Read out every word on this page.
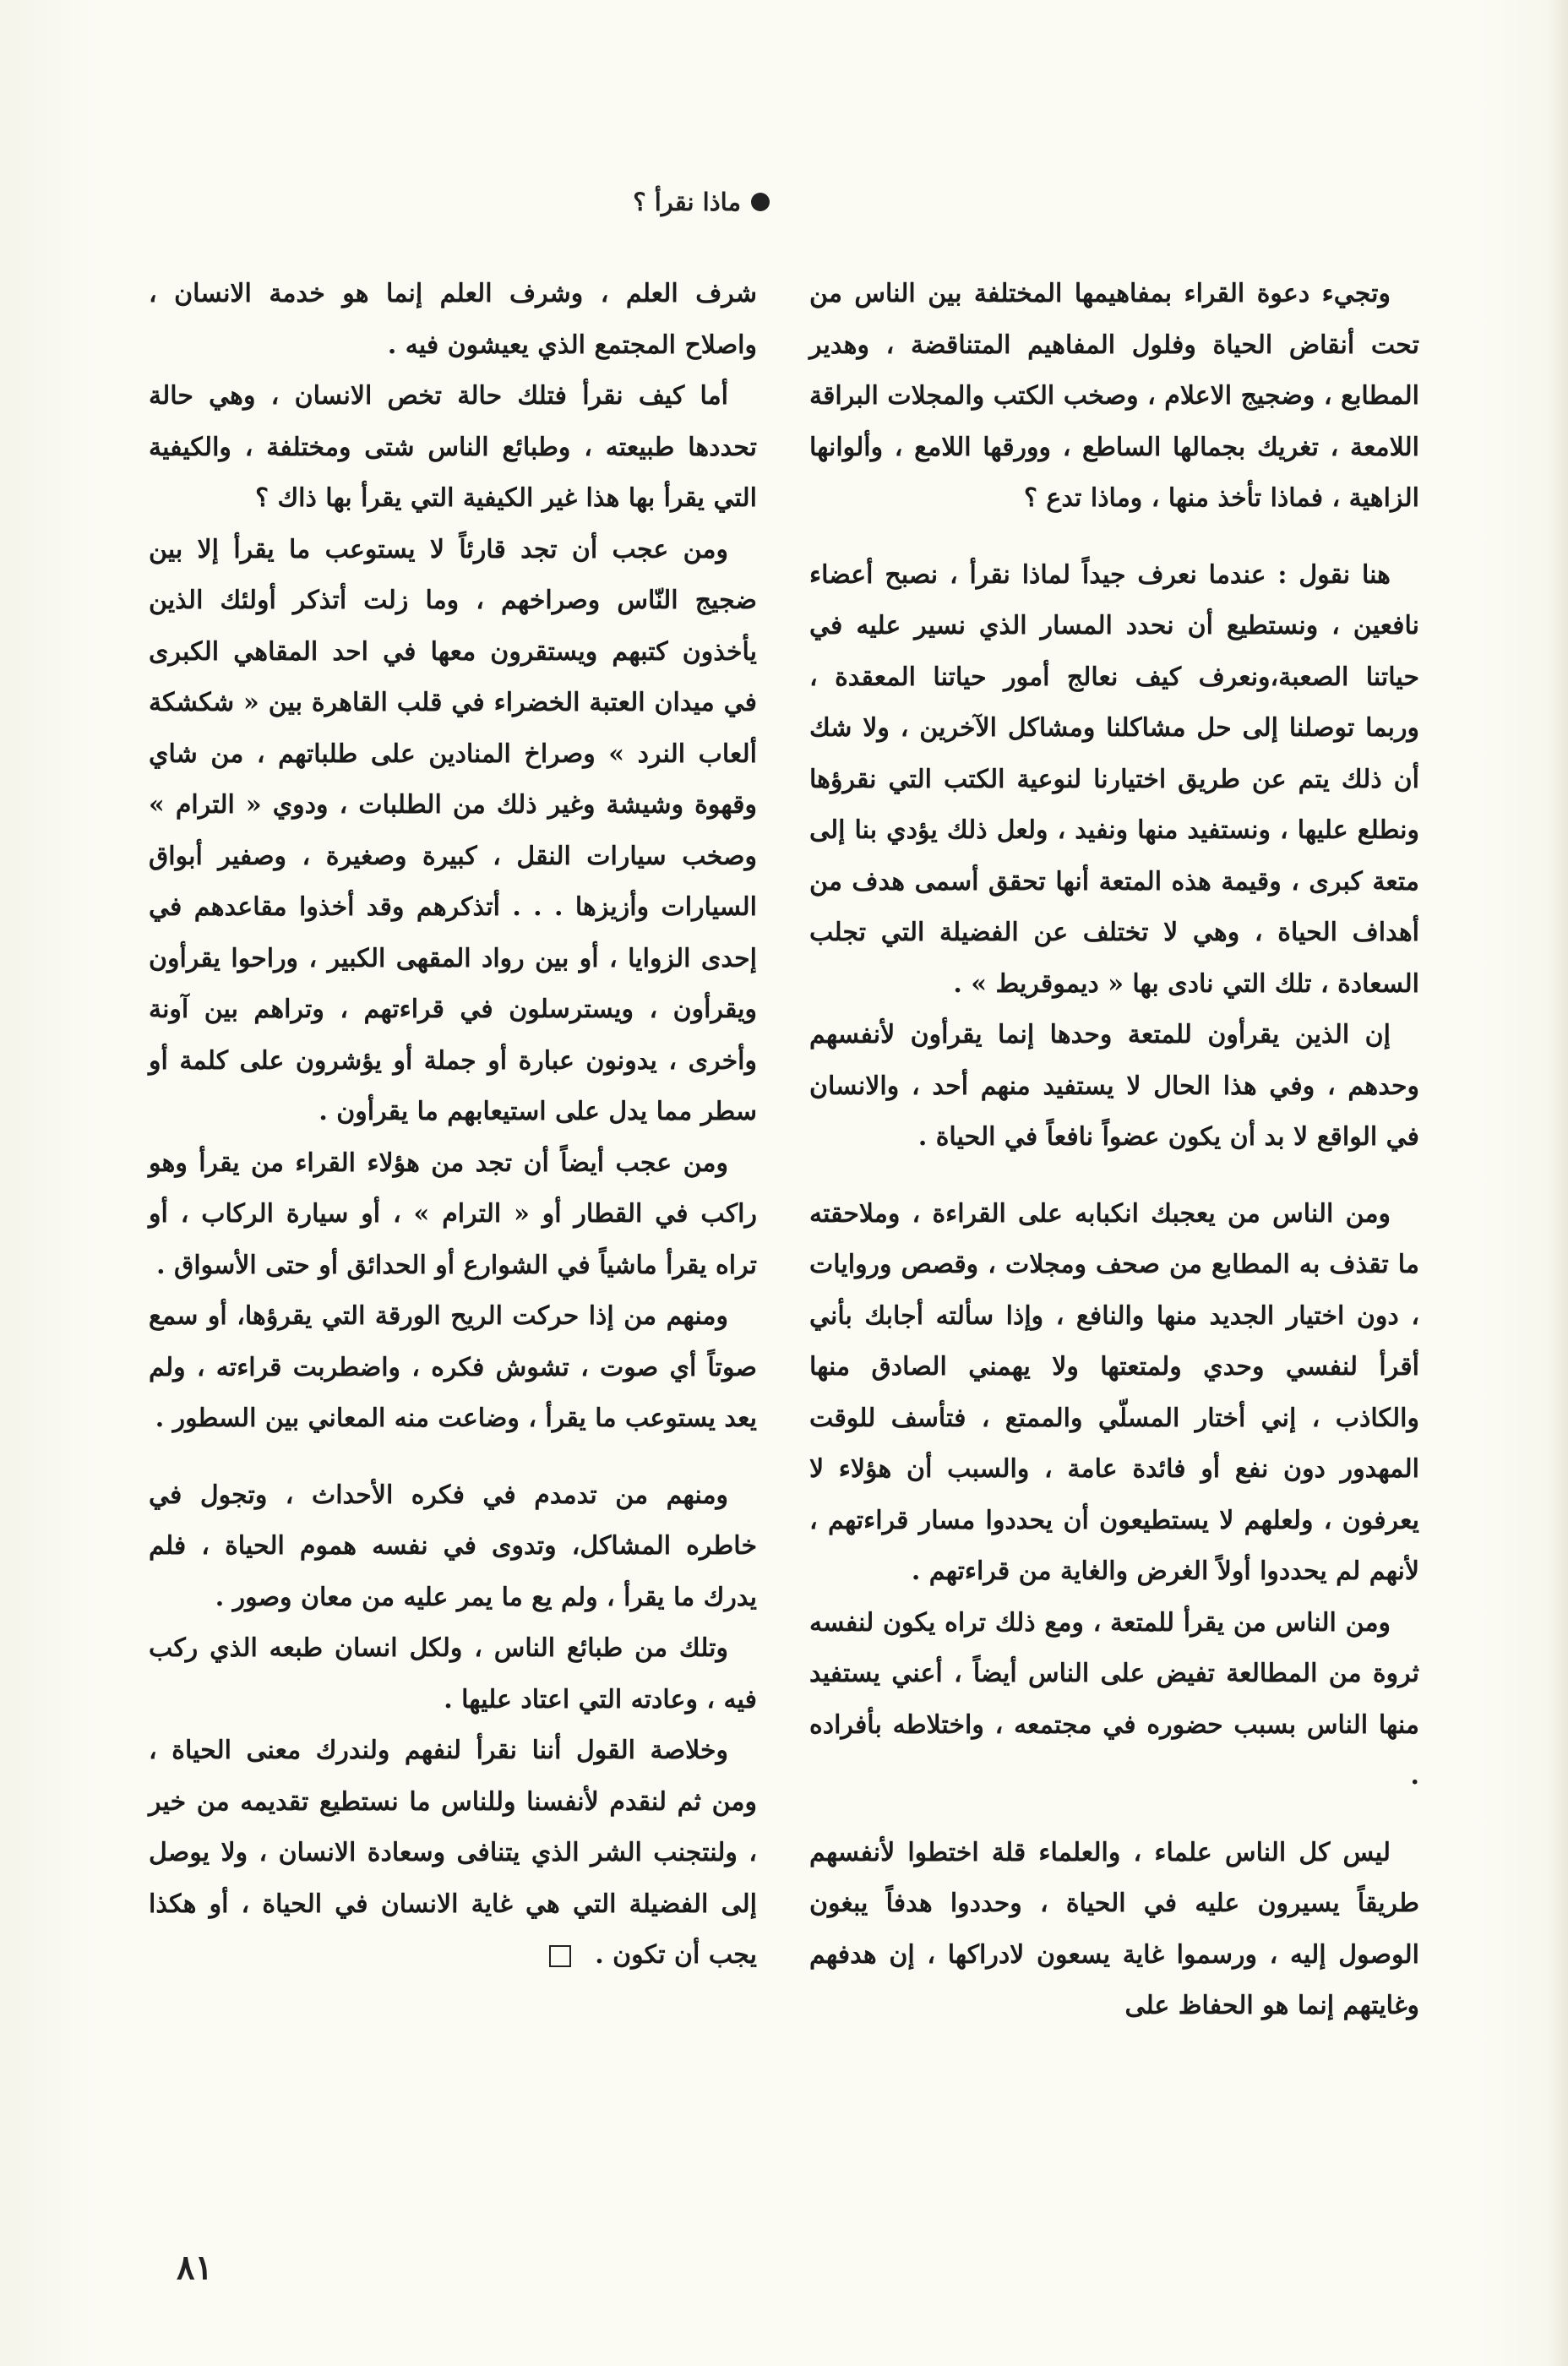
ماذا نقرأ ؟

وتجيء دعوة القراء بمفاهيمها المختلفة بين الناس من تحت أنقاض الحياة وفلول المفاهيم المتناقضة ، وهدير المطابع ، وضجيج الاعلام ، وصخب الكتب والمجلات البراقة اللامعة ، تغريك بجمالها الساطع ، وورقها اللامع ، وألوانها الزاهية ، فماذا تأخذ منها ، وماذا تدع ؟

هنا نقول : عندما نعرف جيداً لماذا نقرأ ، نصبح أعضاء نافعين ، ونستطيع أن نحدد المسار الذي نسير عليه في حياتنا الصعبة،ونعرف كيف نعالج أمور حياتنا المعقدة ، وربما توصلنا إلى حل مشاكلنا ومشاكل الآخرين ، ولا شك أن ذلك يتم عن طريق اختيارنا لنوعية الكتب التي نقرؤها ونطلع عليها ، ونستفيد منها ونفيد ، ولعل ذلك يؤدي بنا إلى متعة كبرى ، وقيمة هذه المتعة أنها تحقق أسمى هدف من أهداف الحياة ، وهي لا تختلف عن الفضيلة التي تجلب السعادة ، تلك التي نادى بها « ديموقريط » .

إن الذين يقرأون للمتعة وحدها إنما يقرأون لأنفسهم وحدهم ، وفي هذا الحال لا يستفيد منهم أحد ، والانسان في الواقع لا بد أن يكون عضواً نافعاً في الحياة .

ومن الناس من يعجبك انكبابه على القراءة ، وملاحقته ما تقذف به المطابع من صحف ومجلات ، وقصص وروايات ، دون اختيار الجديد منها والنافع ، وإذا سألته أجابك بأني أقرأ لنفسي وحدي ولمتعتها ولا يهمني الصادق منها والكاذب ، إني أختار المسلّي والممتع ، فتأسف للوقت المهدور دون نفع أو فائدة عامة ، والسبب أن هؤلاء لا يعرفون ، ولعلهم لا يستطيعون أن يحددوا مسار قراءتهم ، لأنهم لم يحددوا أولاً الغرض والغاية من قراءتهم .

ومن الناس من يقرأ للمتعة ، ومع ذلك تراه يكون لنفسه ثروة من المطالعة تفيض على الناس أيضاً ، أعني يستفيد منها الناس بسبب حضوره في مجتمعه ، واختلاطه بأفراده .

ليس كل الناس علماء ، والعلماء قلة اختطوا لأنفسهم طريقاً يسيرون عليه في الحياة ، وحددوا هدفاً يبغون الوصول إليه ، ورسموا غاية يسعون لادراكها ، إن هدفهم وغايتهم إنما هو الحفاظ على

شرف العلم ، وشرف العلم إنما هو خدمة الانسان ، واصلاح المجتمع الذي يعيشون فيه .

أما كيف نقرأ فتلك حالة تخص الانسان ، وهي حالة تحددها طبيعته ، وطبائع الناس شتى ومختلفة ، والكيفية التي يقرأ بها هذا غير الكيفية التي يقرأ بها ذاك ؟

ومن عجب أن تجد قارئاً لا يستوعب ما يقرأ إلا بين ضجيج النّاس وصراخهم ، وما زلت أتذكر أولئك الذين يأخذون كتبهم ويستقرون معها في احد المقاهي الكبرى في ميدان العتبة الخضراء في قلب القاهرة بين « شكشكة ألعاب النرد » وصراخ المنادين على طلباتهم ، من شاي وقهوة وشيشة وغير ذلك من الطلبات ، ودوي « الترام » وصخب سيارات النقل ، كبيرة وصغيرة ، وصفير أبواق السيارات وأزيزها . . . أتذكرهم وقد أخذوا مقاعدهم في إحدى الزوايا ، أو بين رواد المقهى الكبير ، وراحوا يقرأون ويقرأون ، ويسترسلون في قراءتهم ، وتراهم بين آونة وأخرى ، يدونون عبارة أو جملة أو يؤشرون على كلمة أو سطر مما يدل على استيعابهم ما يقرأون .

ومن عجب أيضاً أن تجد من هؤلاء القراء من يقرأ وهو راكب في القطار أو « الترام » ، أو سيارة الركاب ، أو تراه يقرأ ماشياً في الشوارع أو الحدائق أو حتى الأسواق .

ومنهم من إذا حركت الريح الورقة التي يقرؤها، أو سمع صوتاً أي صوت ، تشوش فكره ، واضطربت قراءته ، ولم يعد يستوعب ما يقرأ ، وضاعت منه المعاني بين السطور .

ومنهم من تدمدم في فكره الأحداث ، وتجول في خاطره المشاكل، وتدوى في نفسه هموم الحياة ، فلم يدرك ما يقرأ ، ولم يع ما يمر عليه من معان وصور .

وتلك من طبائع الناس ، ولكل انسان طبعه الذي ركب فيه ، وعادته التي اعتاد عليها .

وخلاصة القول أننا نقرأ لنفهم ولندرك معنى الحياة ، ومن ثم لنقدم لأنفسنا وللناس ما نستطيع تقديمه من خير ، ولنتجنب الشر الذي يتنافى وسعادة الانسان ، ولا يوصل إلى الفضيلة التي هي غاية الانسان في الحياة ، أو هكذا يجب أن تكون .

٨١
